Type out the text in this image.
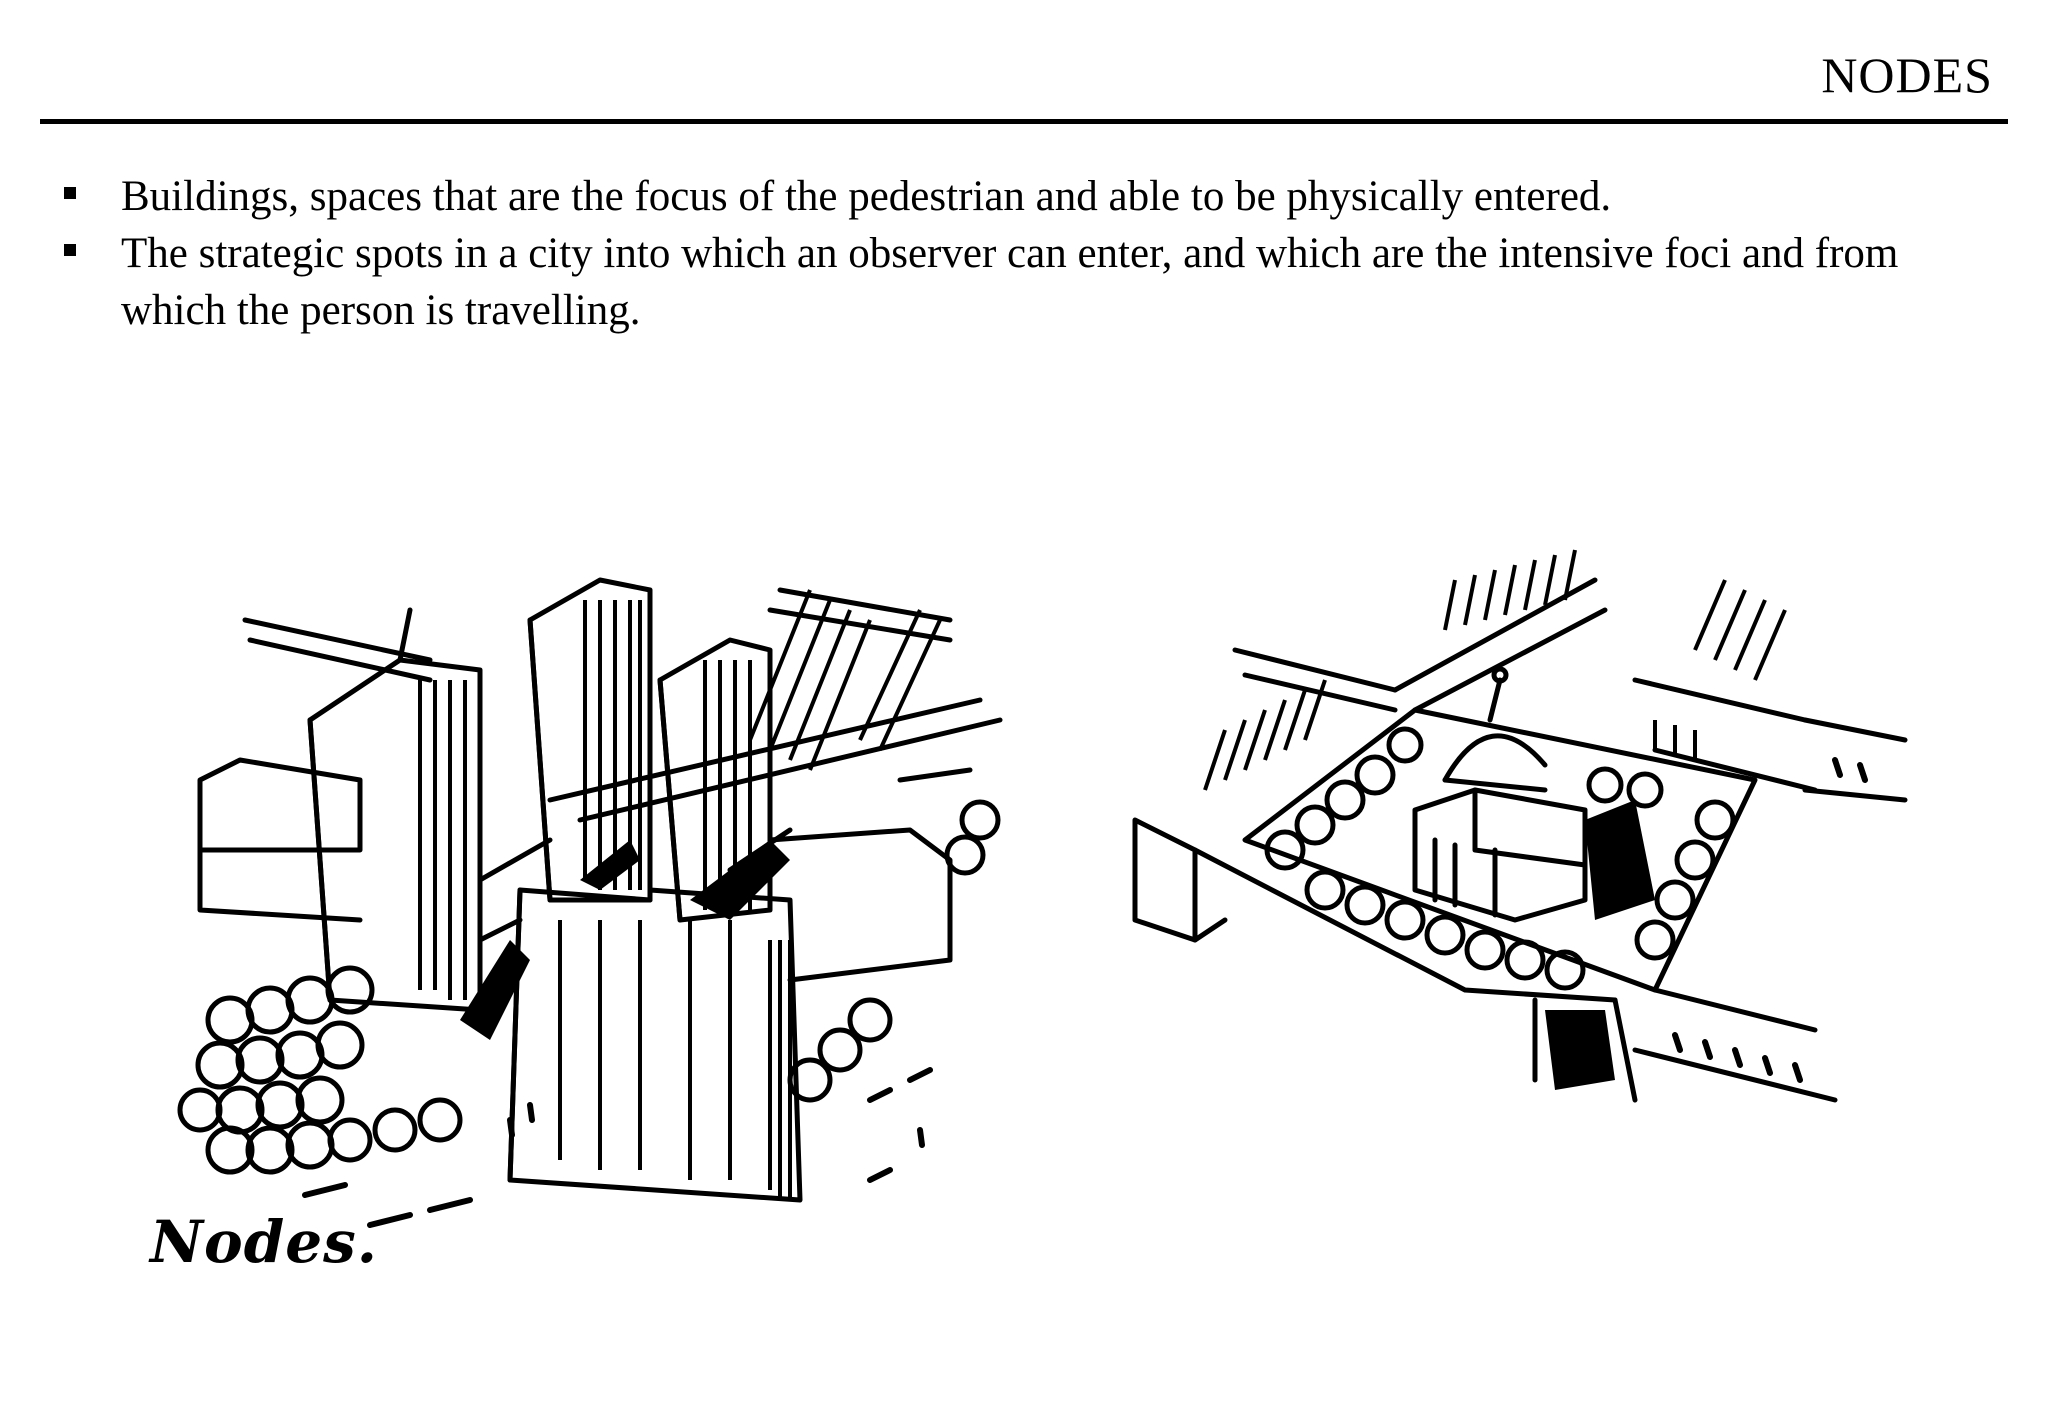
NODES
Buildings, spaces that are the focus of the pedestrian and able to be physically entered.
The strategic spots in a city into which an observer can enter, and which are the intensive foci and from which the person is travelling.
Nodes.
